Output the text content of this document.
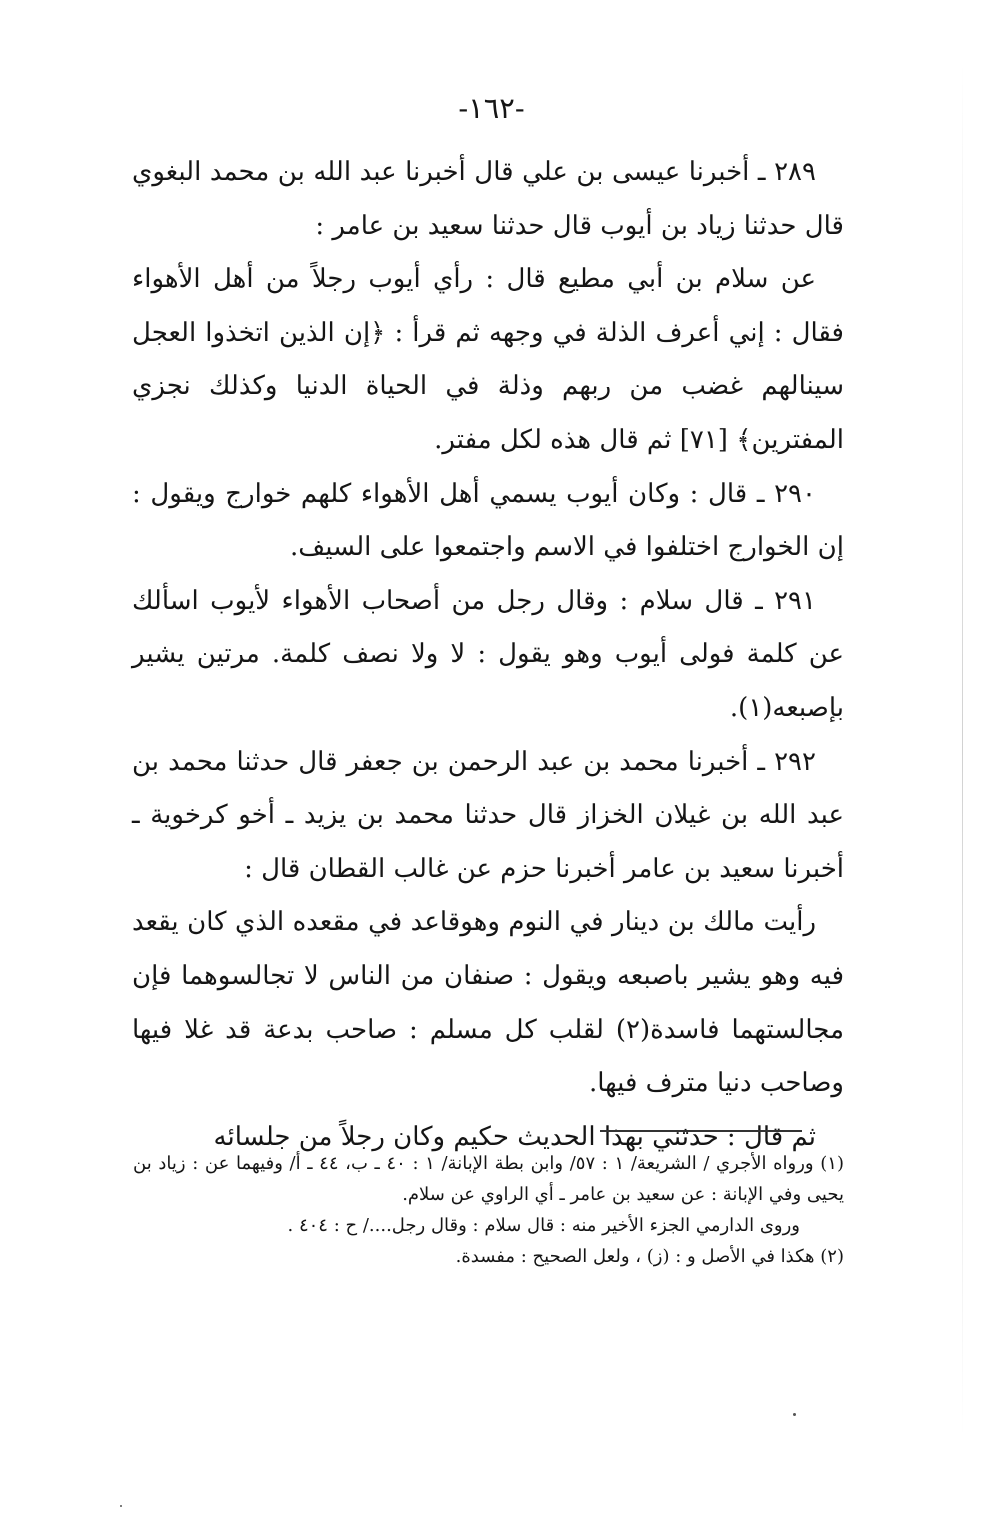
-١٦٢-

٢٨٩ ـ أخبرنا عيسى بن علي قال أخبرنا عبد الله بن محمد البغوي قال حدثنا زياد بن أيوب قال حدثنا سعيد بن عامر :

عن سلام بن أبي مطيع قال : رأي أيوب رجلاً من أهل الأهواء فقال : إني أعرف الذلة في وجهه ثم قرأ : ﴿إن الذين اتخذوا العجل سينالهم غضب من ربهم وذلة في الحياة الدنيا وكذلك نجزي المفترين﴾ [٧١] ثم قال هذه لكل مفتر.

٢٩٠ ـ قال : وكان أيوب يسمي أهل الأهواء كلهم خوارج ويقول : إن الخوارج اختلفوا في الاسم واجتمعوا على السيف.

٢٩١ ـ قال سلام : وقال رجل من أصحاب الأهواء لأيوب اسألك عن كلمة فولى أيوب وهو يقول : لا ولا نصف كلمة. مرتين يشير بإصبعه(١).

٢٩٢ ـ أخبرنا محمد بن عبد الرحمن بن جعفر قال حدثنا محمد بن عبد الله بن غيلان الخزاز قال حدثنا محمد بن يزيد ـ أخو كرخوية ـ أخبرنا سعيد بن عامر أخبرنا حزم عن غالب القطان قال :

رأيت مالك بن دينار في النوم وهوقاعد في مقعده الذي كان يقعد فيه وهو يشير باصبعه ويقول : صنفان من الناس لا تجالسوهما فإن مجالستهما فاسدة(٢) لقلب كل مسلم : صاحب بدعة قد غلا فيها وصاحب دنيا مترف فيها.

ثم قال : حدثني بهذا الحديث حكيم وكان رجلاً من جلسائه

(١) ورواه الأجري / الشريعة/ ١ : ٥٧/ وابن بطة الإبانة/ ١ : ٤٠ ـ ب، ٤٤ ـ أ/ وفيهما عن : زياد بن يحيى وفي الإبانة : عن سعيد بن عامر ـ أي الراوي عن سلام.

وروى الدارمي الجزء الأخير منه : قال سلام : وقال رجل..../ ح : ٤٠٤ .

(٢) هكذا في الأصل و : (ز) ، ولعل الصحيح : مفسدة.
